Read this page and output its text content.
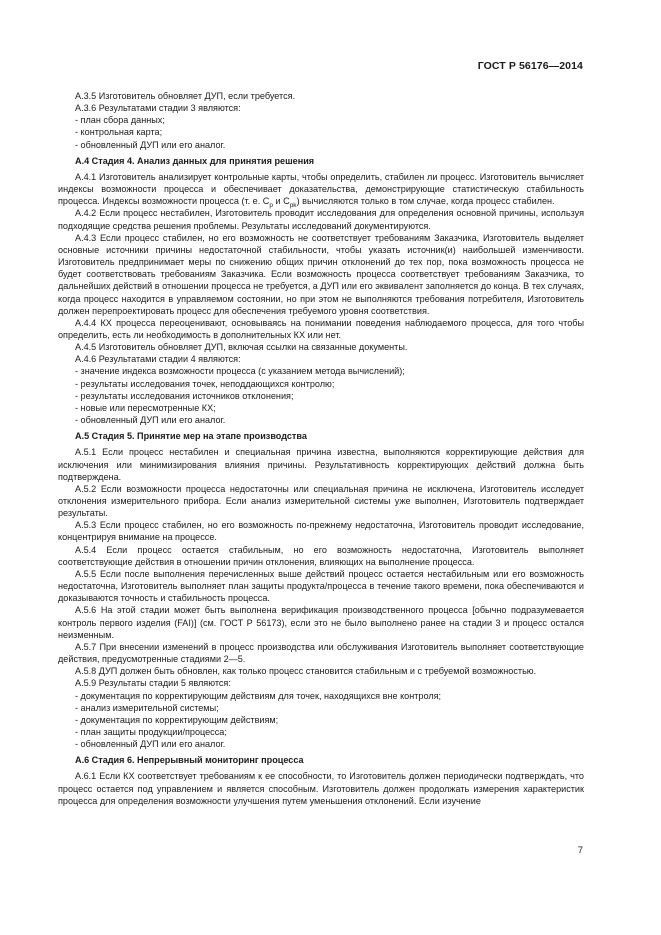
ГОСТ Р 56176—2014

А.3.5 Изготовитель обновляет ДУП, если требуется.

А.3.6 Результатами стадии 3 являются:

- план сбора данных;

- контрольная карта;

- обновленный ДУП или его аналог.

А.4 Стадия 4. Анализ данных для принятия решения

А.4.1 Изготовитель анализирует контрольные карты, чтобы определить, стабилен ли процесс. Изготовитель вычисляет индексы возможности процесса и обеспечивает доказательства, демонстрирующие статистическую стабильность процесса. Индексы возможности процесса (т. е. $C_p$ и $C_{pk}$) вычисляются только в том случае, когда процесс стабилен.

А.4.2 Если процесс нестабилен, Изготовитель проводит исследования для определения основной причины, используя подходящие средства решения проблемы. Результаты исследований документируются.

А.4.3 Если процесс стабилен, но его возможность не соответствует требованиям Заказчика, Изготовитель выделяет основные источники причины недостаточной стабильности, чтобы указать источник(и) наибольшей изменчивости. Изготовитель предпринимает меры по снижению общих причин отклонений до тех пор, пока возможность процесса не будет соответствовать требованиям Заказчика. Если возможность процесса соответствует требованиям Заказчика, то дальнейших действий в отношении процесса не требуется, а ДУП или его эквивалент заполняется до конца. В тех случаях, когда процесс находится в управляемом состоянии, но при этом не выполняются требования потребителя, Изготовитель должен перепроектировать процесс для обеспечения требуемого уровня соответствия.

А.4.4 КХ процесса переоценивают, основываясь на понимании поведения наблюдаемого процесса, для того чтобы определить, есть ли необходимость в дополнительных КХ или нет.

А.4.5 Изготовитель обновляет ДУП, включая ссылки на связанные документы.

А.4.6 Результатами стадии 4 являются:

- значение индекса возможности процесса (с указанием метода вычислений);

- результаты исследования точек, неподдающихся контролю;

- результаты исследования источников отклонения;

- новые или пересмотренные КХ;

- обновленный ДУП или его аналог.

А.5 Стадия 5. Принятие мер на этапе производства

А.5.1 Если процесс нестабилен и специальная причина известна, выполняются корректирующие действия для исключения или минимизирования влияния причины. Результативность корректирующих действий должна быть подтверждена.

А.5.2 Если возможности процесса недостаточны или специальная причина не исключена, Изготовитель исследует отклонения измерительного прибора. Если анализ измерительной системы уже выполнен, Изготовитель подтверждает результаты.

А.5.3 Если процесс стабилен, но его возможность по-прежнему недостаточна, Изготовитель проводит исследование, концентрируя внимание на процессе.

А.5.4 Если процесс остается стабильным, но его возможность недостаточна, Изготовитель выполняет соответствующие действия в отношении причин отклонения, влияющих на выполнение процесса.

А.5.5 Если после выполнения перечисленных выше действий процесс остается нестабильным или его возможность недостаточна, Изготовитель выполняет план защиты продукта/процесса в течение такого времени, пока обеспечиваются и доказываются точность и стабильность процесса.

А.5.6 На этой стадии может быть выполнена верификация производственного процесса [обычно подразумевается контроль первого изделия (FAI)] (см. ГОСТ Р 56173), если это не было выполнено ранее на стадии 3 и процесс остался неизменным.

А.5.7 При внесении изменений в процесс производства или обслуживания Изготовитель выполняет соответствующие действия, предусмотренные стадиями 2—5.

А.5.8 ДУП должен быть обновлен, как только процесс становится стабильным и с требуемой возможностью.

А.5.9 Результаты стадии 5 являются:

- документация по корректирующим действиям для точек, находящихся вне контроля;

- анализ измерительной системы;

- документация по корректирующим действиям;

- план защиты продукции/процесса;

- обновленный ДУП или его аналог.

А.6 Стадия 6. Непрерывный мониторинг процесса

А.6.1 Если КХ соответствует требованиям к ее способности, то Изготовитель должен периодически подтверждать, что процесс остается под управлением и является способным. Изготовитель должен продолжать измерения характеристик процесса для определения возможности улучшения путем уменьшения отклонений. Если изучение

7
